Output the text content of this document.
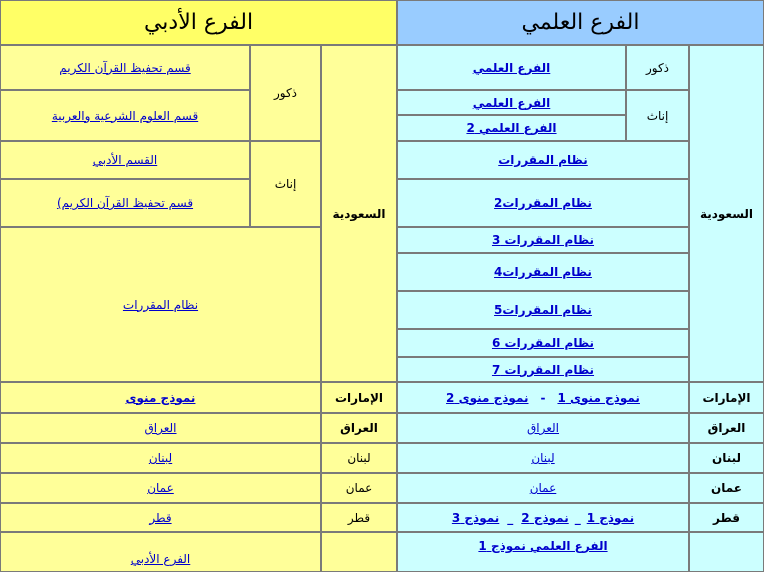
الفرع الأدبي	الفرع العلمي
السعودية
ذكور
الفرع العلمي
إناث
الفرع العلمي
الفرع العلمي 2
نظام المقررات
نظام المقررات2
نظام المقررات 3
نظام المقررات4
نظام المقررات5
نظام المقررات 6
نظام المقررات 7
السعودية
ذكور
قسم تحفيظ القرآن الكريم
قسم العلوم الشرعية والعربية
إناث
القسم الأدبي
قسم تحفيظ القرآن الكريم)
نظام المقررات
الإمارات
نموذج منوى 1
-
نموذج منوى 2
الإمارات
نموذج منوى
العراق
العراق
العراق
العراق
لبنان
لبنان
لبنان
لبنان
عمان
عمان
عمان
عمان
قطر
نموذج 1
_
نموذج 2
_
نموذج 3
قطر
قطر
الفرع العلمي نموذج 1
الفرع الأدبي
